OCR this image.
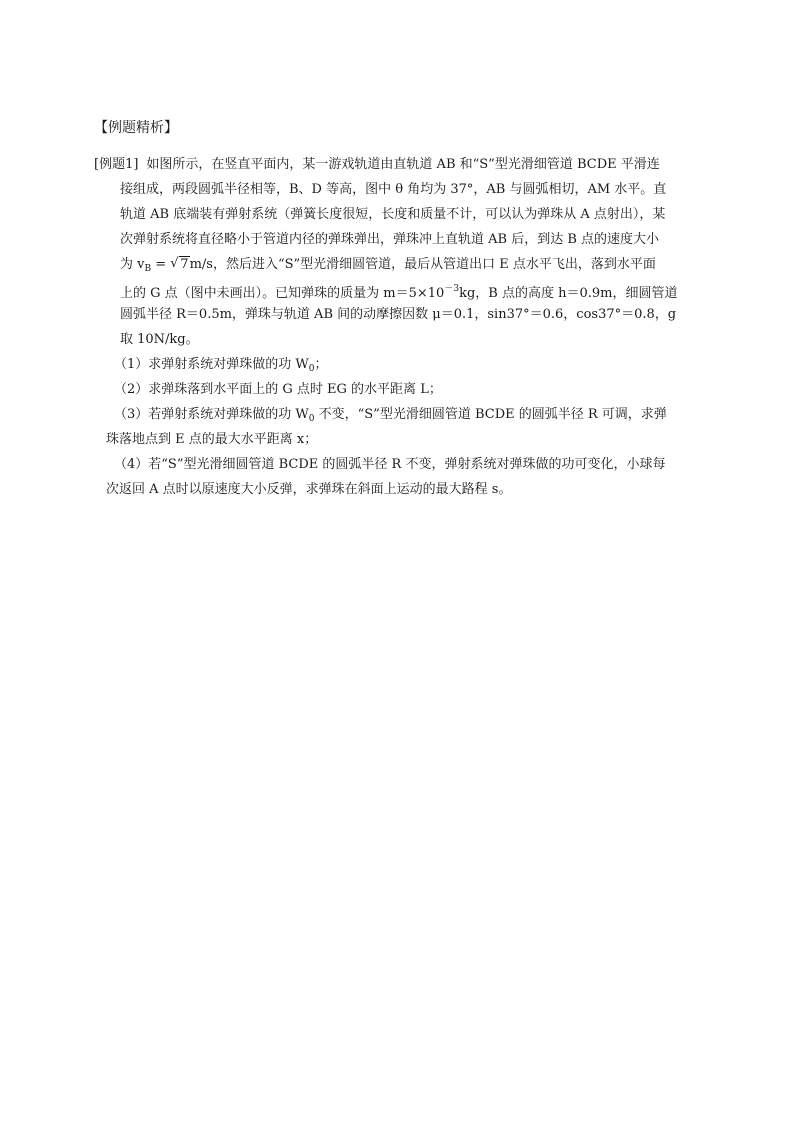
【例题精析】
[例题1] 如图所示，在竖直平面内，某一游戏轨道由直轨道 AB 和“S”型光滑细管道 BCDE 平滑连
接组成，两段圆弧半径相等，B、D 等高，图中 θ 角均为 37°，AB 与圆弧相切，AM 水平。直
轨道 AB 底端装有弹射系统（弹簧长度很短，长度和质量不计，可以认为弹珠从 A 点射出），某
次弹射系统将直径略小于管道内径的弹珠弹出，弹珠冲上直轨道 AB 后，到达 B 点的速度大小
为 $v_B$ = √ 7m/s，然后进入“S”型光滑细圆管道，最后从管道出口 E 点水平飞出，落到水平面
上的 G 点（图中未画出）。已知弹珠的质量为 $m=5\times 10^{-3}kg$，B 点的高度 h＝0.9m，细圆管道
圆弧半径 R＝0.5m，弹珠与轨道 AB 间的动摩擦因数 μ＝0.1，sin37°＝0.6，cos37°＝0.8，g
取 10N/kg。
（1）求弹射系统对弹珠做的功 $W_0$；
（2）求弹珠落到水平面上的 G 点时 EG 的水平距离 L；
（3）若弹射系统对弹珠做的功 $W_0$ 不变，“S”型光滑细圆管道 BCDE 的圆弧半径 R 可调，求弹
珠落地点到 E 点的最大水平距离 x；
（4）若“S”型光滑细圆管道 BCDE 的圆弧半径 R 不变，弹射系统对弹珠做的功可变化，小球每
次返回 A 点时以原速度大小反弹，求弹珠在斜面上运动的最大路程 s。
